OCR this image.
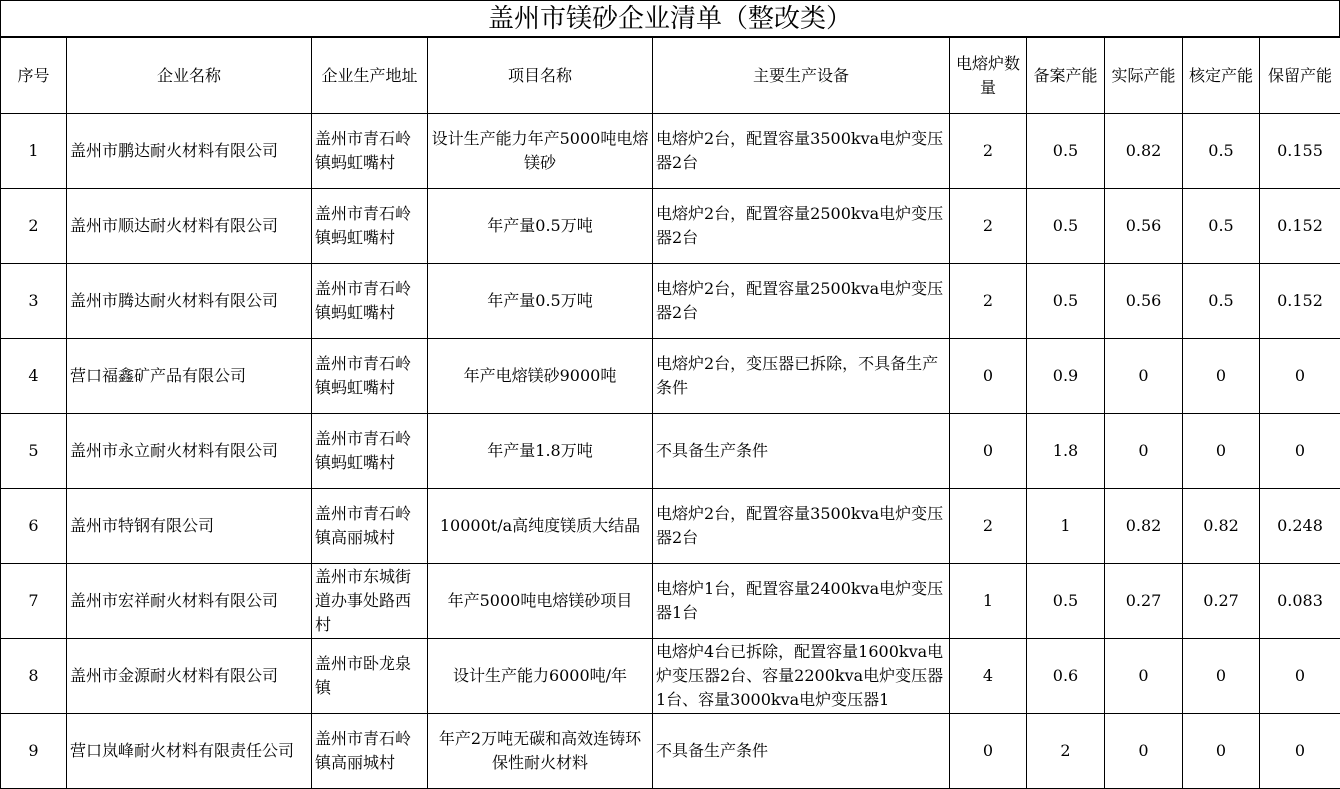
盖州市镁砂企业清单（整改类）
序号	企业名称	企业生产地址	项目名称	主要生产设备	电熔炉数量	备案产能	实际产能	核定产能	保留产能
1	盖州市鹏达耐火材料有限公司	盖州市青石岭镇蚂虹嘴村	设计生产能力年产5000吨电熔镁砂	电熔炉2台，配置容量3500kva电炉变压器2台	2	0.5	0.82	0.5	0.155
2	盖州市顺达耐火材料有限公司	盖州市青石岭镇蚂虹嘴村	年产量0.5万吨	电熔炉2台，配置容量2500kva电炉变压器2台	2	0.5	0.56	0.5	0.152
3	盖州市腾达耐火材料有限公司	盖州市青石岭镇蚂虹嘴村	年产量0.5万吨	电熔炉2台，配置容量2500kva电炉变压器2台	2	0.5	0.56	0.5	0.152
4	营口福鑫矿产品有限公司	盖州市青石岭镇蚂虹嘴村	年产电熔镁砂9000吨	电熔炉2台，变压器已拆除，不具备生产条件	0	0.9	0	0	0
5	盖州市永立耐火材料有限公司	盖州市青石岭镇蚂虹嘴村	年产量1.8万吨	不具备生产条件	0	1.8	0	0	0
6	盖州市特钢有限公司	盖州市青石岭镇高丽城村	10000t/a高纯度镁质大结晶	电熔炉2台，配置容量3500kva电炉变压器2台	2	1	0.82	0.82	0.248
7	盖州市宏祥耐火材料有限公司	盖州市东城街道办事处路西村	年产5000吨电熔镁砂项目	电熔炉1台，配置容量2400kva电炉变压器1台	1	0.5	0.27	0.27	0.083
8	盖州市金源耐火材料有限公司	盖州市卧龙泉镇	设计生产能力6000吨/年	电熔炉4台已拆除，配置容量1600kva电炉变压器2台、容量2200kva电炉变压器1台、容量3000kva电炉变压器1	4	0.6	0	0	0
9	营口岚峰耐火材料有限责任公司	盖州市青石岭镇高丽城村	年产2万吨无碳和高效连铸环保性耐火材料	不具备生产条件	0	2	0	0	0
